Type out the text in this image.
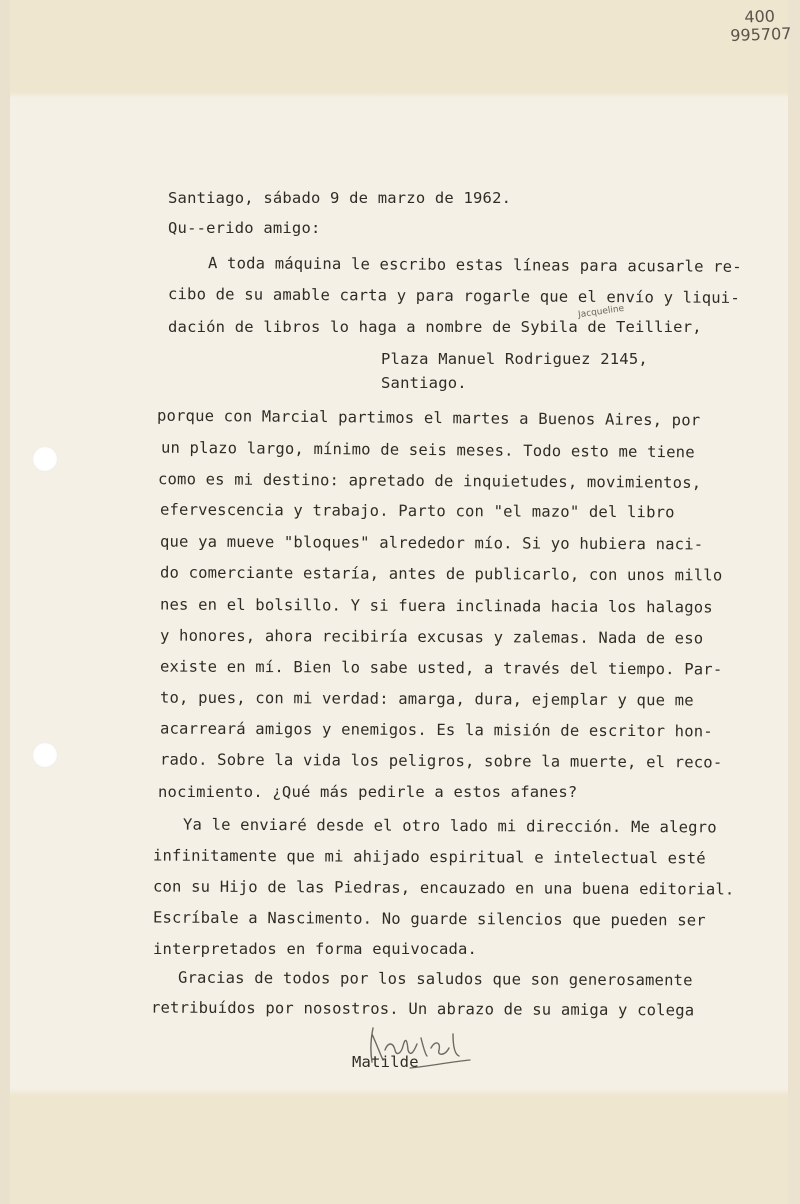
400
995707
Santiago, sábado 9 de marzo de 1962.
Qu--erido amigo:
A toda máquina le escribo estas líneas para acusarle re-
cibo de su amable carta y para rogarle que el envío y liqui-
dación de libros lo haga a nombre de Sybila de Teillier,
Jacqueline
Plaza Manuel Rodriguez 2145,
Santiago.
porque con Marcial partimos el martes a Buenos Aires, por
un plazo largo, mínimo de seis meses. Todo esto me tiene
como es mi destino: apretado de inquietudes, movimientos,
efervescencia y trabajo. Parto con "el mazo" del libro
que ya mueve "bloques" alrededor mío. Si yo hubiera naci-
do comerciante estaría, antes de publicarlo, con unos millo
nes en el bolsillo. Y si fuera inclinada hacia los halagos
y honores, ahora recibiría excusas y zalemas. Nada de eso
existe en mí. Bien lo sabe usted, a través del tiempo. Par-
to, pues, con mi verdad: amarga, dura, ejemplar y que me
acarreará amigos y enemigos. Es la misión de escritor hon-
rado. Sobre la vida los peligros, sobre la muerte, el reco-
nocimiento. ¿Qué más pedirle a estos afanes?
Ya le enviaré desde el otro lado mi dirección. Me alegro
infinitamente que mi ahijado espiritual e intelectual esté
con su Hijo de las Piedras, encauzado en una buena editorial.
Escríbale a Nascimento. No guarde silencios que pueden ser
interpretados en forma equivocada.
Gracias de todos por los saludos que son generosamente
retribuídos por nosostros. Un abrazo de su amiga y colega
Matilde
